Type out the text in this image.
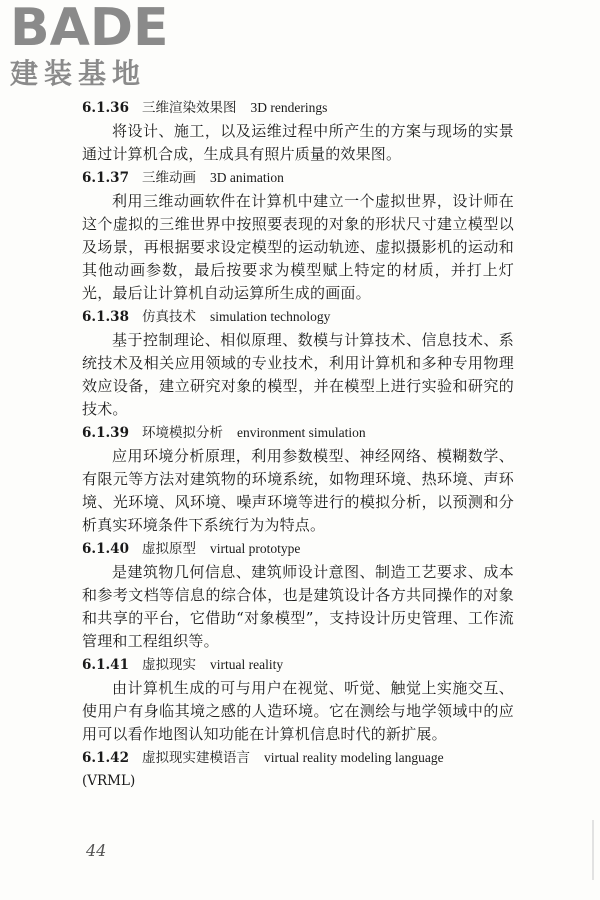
BADE
建装基地
6.1.36 三维渲染效果图 3D renderings

将设计、施工，以及运维过程中所产生的方案与现场的实景通过计算机合成，生成具有照片质量的效果图。

6.1.37 三维动画 3D animation

利用三维动画软件在计算机中建立一个虚拟世界，设计师在这个虚拟的三维世界中按照要表现的对象的形状尺寸建立模型以及场景，再根据要求设定模型的运动轨迹、虚拟摄影机的运动和其他动画参数，最后按要求为模型赋上特定的材质，并打上灯光，最后让计算机自动运算所生成的画面。

6.1.38 仿真技术 simulation technology

基于控制理论、相似原理、数模与计算技术、信息技术、系统技术及相关应用领域的专业技术，利用计算机和多种专用物理效应设备，建立研究对象的模型，并在模型上进行实验和研究的技术。

6.1.39 环境模拟分析 environment simulation

应用环境分析原理，利用参数模型、神经网络、模糊数学、有限元等方法对建筑物的环境系统，如物理环境、热环境、声环境、光环境、风环境、噪声环境等进行的模拟分析，以预测和分析真实环境条件下系统行为为特点。

6.1.40 虚拟原型 virtual prototype

是建筑物几何信息、建筑师设计意图、制造工艺要求、成本和参考文档等信息的综合体，也是建筑设计各方共同操作的对象和共享的平台，它借助“对象模型”，支持设计历史管理、工作流管理和工程组织等。

6.1.41 虚拟现实 virtual reality

由计算机生成的可与用户在视觉、听觉、触觉上实施交互、使用户有身临其境之感的人造环境。它在测绘与地学领域中的应用可以看作地图认知功能在计算机信息时代的新扩展。

6.1.42 虚拟现实建模语言 virtual reality modeling language
(VRML)
44
